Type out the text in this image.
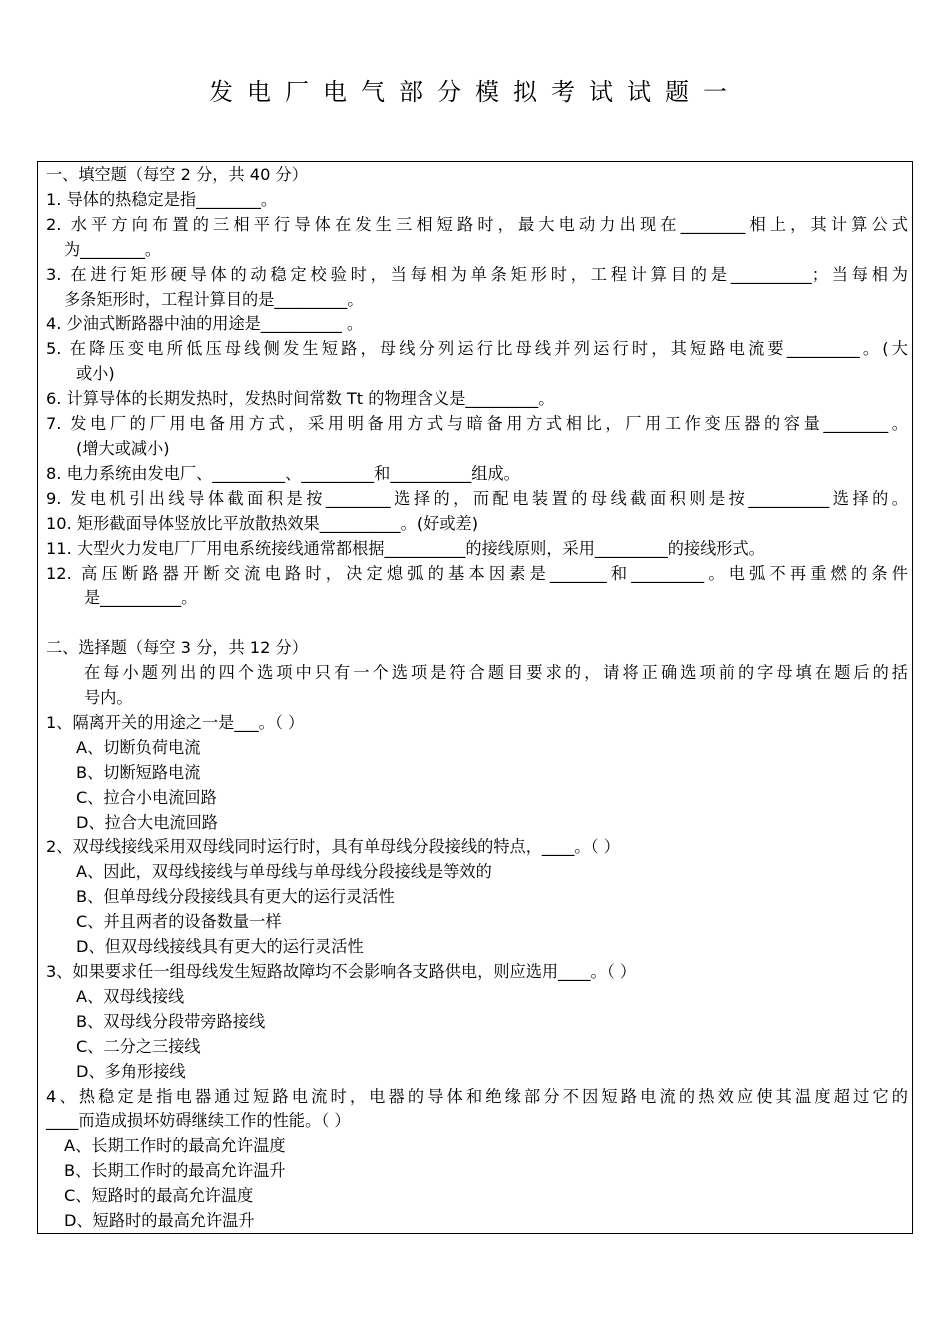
发电厂电气部分模拟考试试题一
一、填空题（每空 2 分，共 40 分）
1. 导体的热稳定是指________。
2. 水平方向布置的三相平行导体在发生三相短路时，最大电动力出现在________相上，其计算公式
为________。
3. 在进行矩形硬导体的动稳定校验时，当每相为单条矩形时，工程计算目的是__________；当每相为
多条矩形时，工程计算目的是_________。
4. 少油式断路器中油的用途是__________ 。
5. 在降压变电所低压母线侧发生短路，母线分列运行比母线并列运行时，其短路电流要_________。(大
或小)
6. 计算导体的长期发热时，发热时间常数 Tt 的物理含义是_________。
7. 发电厂的厂用电备用方式，采用明备用方式与暗备用方式相比，厂用工作变压器的容量________。
(增大或减小)
8. 电力系统由发电厂、_________、_________和__________组成。
9. 发电机引出线导体截面积是按________选择的，而配电装置的母线截面积则是按__________选择的。
10. 矩形截面导体竖放比平放散热效果__________。(好或差)
11. 大型火力发电厂厂用电系统接线通常都根据__________的接线原则，采用_________的接线形式。
12. 高压断路器开断交流电路时，决定熄弧的基本因素是_______和_________。电弧不再重燃的条件
是__________。
二、选择题（每空 3 分，共 12 分）
在每小题列出的四个选项中只有一个选项是符合题目要求的，请将正确选项前的字母填在题后的括
号内。
1、隔离开关的用途之一是___。（ ）
A、切断负荷电流
B、切断短路电流
C、拉合小电流回路
D、拉合大电流回路
2、双母线接线采用双母线同时运行时，具有单母线分段接线的特点，____。（ ）
A、因此，双母线接线与单母线与单母线分段接线是等效的
B、但单母线分段接线具有更大的运行灵活性
C、并且两者的设备数量一样
D、但双母线接线具有更大的运行灵活性
3、如果要求任一组母线发生短路故障均不会影响各支路供电，则应选用____。（ ）
A、双母线接线
B、双母线分段带旁路接线
C、二分之三接线
D、多角形接线
4、热稳定是指电器通过短路电流时，电器的导体和绝缘部分不因短路电流的热效应使其温度超过它的
____而造成损坏妨碍继续工作的性能。（ ）
A、长期工作时的最高允许温度
B、长期工作时的最高允许温升
C、短路时的最高允许温度
D、短路时的最高允许温升
